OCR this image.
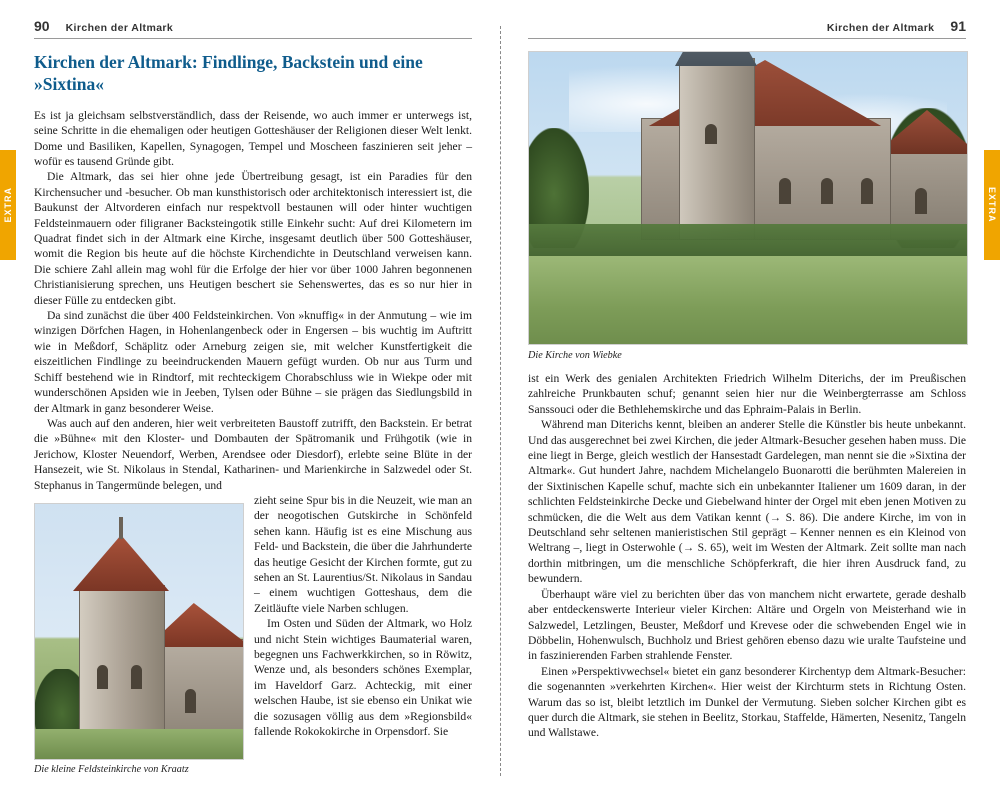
90 Kirchen der Altmark
Kirchen der Altmark: Findlinge, Backstein und eine »Sixtina«

Es ist ja gleichsam selbstverständlich, dass der Reisende, wo auch immer er unterwegs ist, seine Schritte in die ehemaligen oder heutigen Gotteshäuser der Religionen dieser Welt lenkt. Dome und Basiliken, Kapellen, Synagogen, Tempel und Moscheen faszinieren seit jeher – wofür es tausend Gründe gibt.

Die Altmark, das sei hier ohne jede Übertreibung gesagt, ist ein Paradies für den Kirchensucher und -besucher. Ob man kunsthistorisch oder architektonisch interessiert ist, die Baukunst der Altvorderen einfach nur respektvoll bestaunen will oder hinter wuchtigen Feldsteinmauern oder filigraner Backsteingotik stille Einkehr sucht: Auf drei Kilometern im Quadrat findet sich in der Altmark eine Kirche, insgesamt deutlich über 500 Gotteshäuser, womit die Region bis heute auf die höchste Kirchendichte in Deutschland verweisen kann. Die schiere Zahl allein mag wohl für die Erfolge der hier vor über 1000 Jahren begonnenen Christianisierung sprechen, uns Heutigen beschert sie Sehenswertes, das es so nur hier in dieser Fülle zu entdecken gibt.

Da sind zunächst die über 400 Feldsteinkirchen. Von »knuffig« in der Anmutung – wie im winzigen Dörfchen Hagen, in Hohenlangenbeck oder in Engersen – bis wuchtig im Auftritt wie in Meßdorf, Schäplitz oder Arneburg zeigen sie, mit welcher Kunstfertigkeit die eiszeitlichen Findlinge zu beeindruckenden Mauern gefügt wurden. Ob nur aus Turm und Schiff bestehend wie in Rindtorf, mit rechteckigem Chorabschluss wie in Wiekpe oder mit wunderschönen Apsiden wie in Jeeben, Tylsen oder Bühne – sie prägen das Siedlungsbild in der Altmark in ganz besonderer Weise.

Was auch auf den anderen, hier weit verbreiteten Baustoff zutrifft, den Backstein. Er betrat die »Bühne« mit den Kloster- und Dombauten der Spätromanik und Frühgotik (wie in Jerichow, Kloster Neuendorf, Werben, Arendsee oder Diesdorf), erlebte seine Blüte in der Hansezeit, wie St. Nikolaus in Stendal, Katharinen- und Marienkirche in Salzwedel oder St. Stephanus in Tangermünde belegen, und

Die kleine Feldsteinkirche von Kraatz

zieht seine Spur bis in die Neuzeit, wie man an der neogotischen Gutskirche in Schönfeld sehen kann. Häufig ist es eine Mischung aus Feld- und Backstein, die über die Jahrhunderte das heutige Gesicht der Kirchen formte, gut zu sehen an St. Laurentius/St. Nikolaus in Sandau – einem wuchtigen Gotteshaus, dem die Zeitläufte viele Narben schlugen.

Im Osten und Süden der Altmark, wo Holz und nicht Stein wichtiges Baumaterial waren, begegnen uns Fachwerkkirchen, so in Röwitz, Wenze und, als besonders schönes Exemplar, im Haveldorf Garz. Achteckig, mit einer welschen Haube, ist sie ebenso ein Unikat wie die sozusagen völlig aus dem »Regionsbild« fallende Rokokokirche in Orpensdorf. Sie

Kirchen der Altmark 91
Die Kirche von Wiebke

ist ein Werk des genialen Architekten Friedrich Wilhelm Diterichs, der im Preußischen zahlreiche Prunkbauten schuf; genannt seien hier nur die Weinbergterrasse am Schloss Sanssouci oder die Bethlehemskirche und das Ephraim-Palais in Berlin.

Während man Diterichs kennt, bleiben an anderer Stelle die Künstler bis heute unbekannt. Und das ausgerechnet bei zwei Kirchen, die jeder Altmark-Besucher gesehen haben muss. Die eine liegt in Berge, gleich westlich der Hansestadt Gardelegen, man nennt sie die »Sixtina der Altmark«. Gut hundert Jahre, nachdem Michelangelo Buonarotti die berühmten Malereien in der Sixtinischen Kapelle schuf, machte sich ein unbekannter Italiener um 1609 daran, in der schlichten Feldsteinkirche Decke und Giebelwand hinter der Orgel mit eben jenen Motiven zu schmücken, die die Welt aus dem Vatikan kennt (→ S. 86). Die andere Kirche, im von in Deutschland sehr seltenen manieristischen Stil geprägt – Kenner nennen es ein Kleinod von Weltrang –, liegt in Osterwohle (→ S. 65), weit im Westen der Altmark. Zeit sollte man nach dorthin mitbringen, um die menschliche Schöpferkraft, die hier ihren Ausdruck fand, zu bewundern.

Überhaupt wäre viel zu berichten über das von manchem nicht erwartete, gerade deshalb aber entdeckenswerte Interieur vieler Kirchen: Altäre und Orgeln von Meisterhand wie in Salzwedel, Letzlingen, Beuster, Meßdorf und Krevese oder die schwebenden Engel wie in Döbbelin, Hohenwulsch, Buchholz und Briest gehören ebenso dazu wie uralte Taufsteine und in faszinierenden Farben strahlende Fenster.

Einen »Perspektivwechsel« bietet ein ganz besonderer Kirchentyp dem Altmark-Besucher: die sogenannten »verkehrten Kirchen«. Hier weist der Kirchturm stets in Richtung Osten. Warum das so ist, bleibt letztlich im Dunkel der Vermutung. Sieben solcher Kirchen gibt es quer durch die Altmark, sie stehen in Beelitz, Storkau, Staffelde, Hämerten, Nesenitz, Tangeln und Wallstawe.

EXTRA	EXTRA
